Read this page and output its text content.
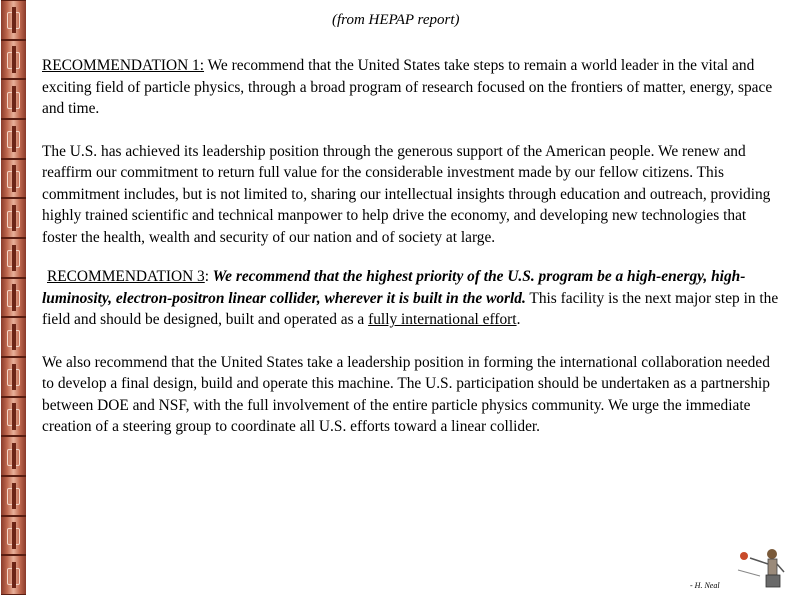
(from HEPAP report)

RECOMMENDATION 1: We recommend that the United States take steps to remain a world leader in the vital and exciting field of particle physics, through a broad program of research focused on the frontiers of matter, energy, space and time.

The U.S. has achieved its leadership position through the generous support of the American people. We renew and reaffirm our commitment to return full value for the considerable investment made by our fellow citizens. This commitment includes, but is not limited to, sharing our intellectual insights through education and outreach, providing highly trained scientific and technical manpower to help drive the economy, and developing new technologies that foster the health, wealth and security of our nation and of society at large.

RECOMMENDATION 3: We recommend that the highest priority of the U.S. program be a high-energy, high-luminosity, electron-positron linear collider, wherever it is built in the world. This facility is the next major step in the field and should be designed, built and operated as a fully international effort.

We also recommend that the United States take a leadership position in forming the international collaboration needed to develop a final design, build and operate this machine. The U.S. participation should be undertaken as a partnership between DOE and NSF, with the full involvement of the entire particle physics community. We urge the immediate creation of a steering group to coordinate all U.S. efforts toward a linear collider.

- H. Neal
